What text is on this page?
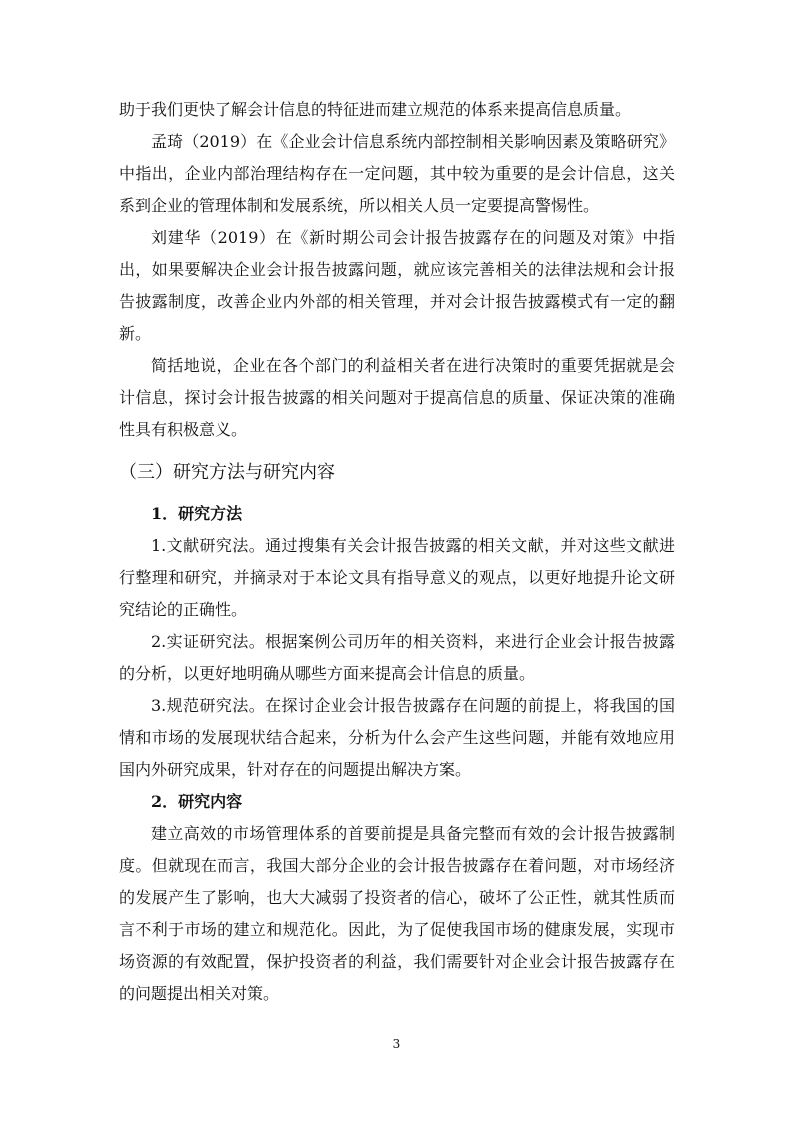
助于我们更快了解会计信息的特征进而建立规范的体系来提高信息质量。

孟琦（2019）在《企业会计信息系统内部控制相关影响因素及策略研究》中指出，企业内部治理结构存在一定问题，其中较为重要的是会计信息，这关系到企业的管理体制和发展系统，所以相关人员一定要提高警惕性。

刘建华（2019）在《新时期公司会计报告披露存在的问题及对策》中指出，如果要解决企业会计报告披露问题，就应该完善相关的法律法规和会计报告披露制度，改善企业内外部的相关管理，并对会计报告披露模式有一定的翻新。

简括地说，企业在各个部门的利益相关者在进行决策时的重要凭据就是会计信息，探讨会计报告披露的相关问题对于提高信息的质量、保证决策的准确性具有积极意义。

（三）研究方法与研究内容
1．研究方法

1.文献研究法。通过搜集有关会计报告披露的相关文献，并对这些文献进行整理和研究，并摘录对于本论文具有指导意义的观点，以更好地提升论文研究结论的正确性。

2.实证研究法。根据案例公司历年的相关资料，来进行企业会计报告披露的分析，以更好地明确从哪些方面来提高会计信息的质量。

3.规范研究法。在探讨企业会计报告披露存在问题的前提上，将我国的国情和市场的发展现状结合起来，分析为什么会产生这些问题，并能有效地应用国内外研究成果，针对存在的问题提出解决方案。

2．研究内容

建立高效的市场管理体系的首要前提是具备完整而有效的会计报告披露制度。但就现在而言，我国大部分企业的会计报告披露存在着问题，对市场经济的发展产生了影响，也大大减弱了投资者的信心，破坏了公正性，就其性质而言不利于市场的建立和规范化。因此，为了促使我国市场的健康发展，实现市场资源的有效配置，保护投资者的利益，我们需要针对企业会计报告披露存在的问题提出相关对策。

3
